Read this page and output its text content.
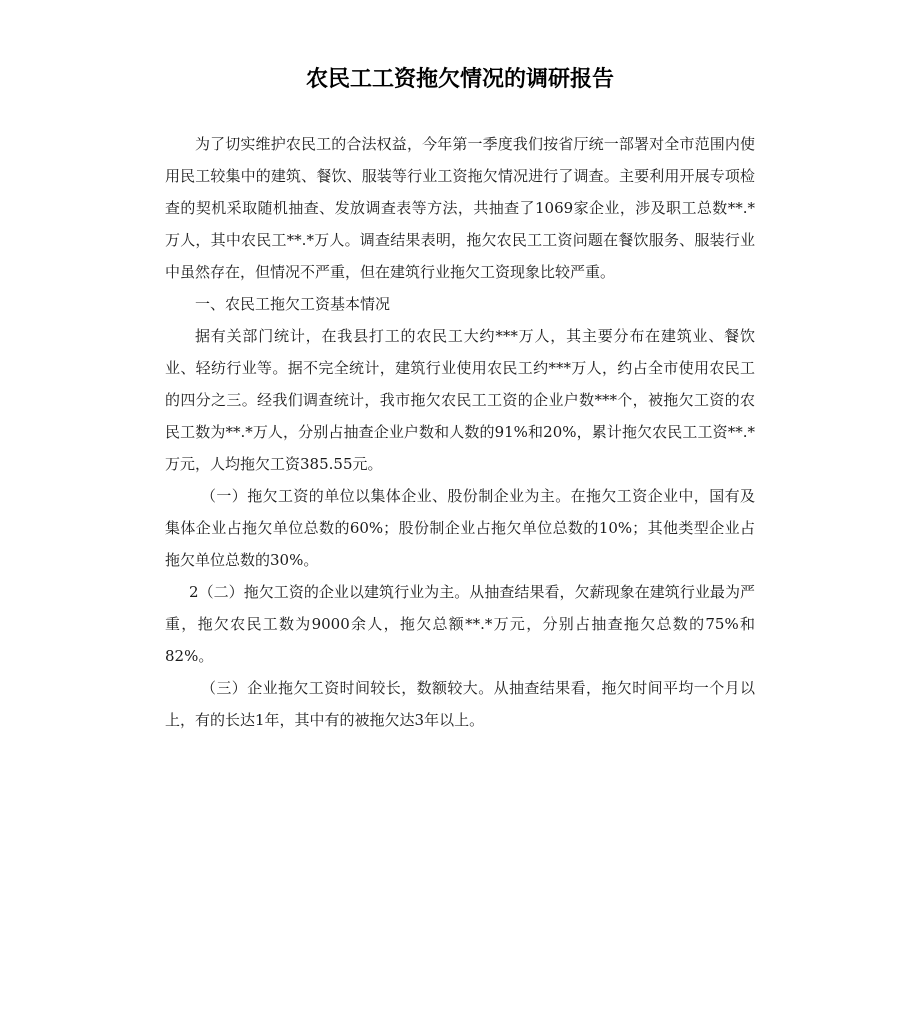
农民工工资拖欠情况的调研报告

为了切实维护农民工的合法权益，今年第一季度我们按省厅统一部署对全市范围内使用民工较集中的建筑、餐饮、服装等行业工资拖欠情况进行了调查。主要利用开展专项检查的契机采取随机抽查、发放调查表等方法，共抽查了1069家企业，涉及职工总数**.*万人，其中农民工**.*万人。调查结果表明，拖欠农民工工资问题在餐饮服务、服装行业中虽然存在，但情况不严重，但在建筑行业拖欠工资现象比较严重。

一、农民工拖欠工资基本情况

据有关部门统计，在我县打工的农民工大约***万人，其主要分布在建筑业、餐饮业、轻纺行业等。据不完全统计，建筑行业使用农民工约***万人，约占全市使用农民工的四分之三。经我们调查统计，我市拖欠农民工工资的企业户数***个，被拖欠工资的农民工数为**.*万人，分别占抽查企业户数和人数的91%和20%，累计拖欠农民工工资**.*万元，人均拖欠工资385.55元。

（一）拖欠工资的单位以集体企业、股份制企业为主。在拖欠工资企业中，国有及集体企业占拖欠单位总数的60%；股份制企业占拖欠单位总数的10%；其他类型企业占拖欠单位总数的30%。

2（二）拖欠工资的企业以建筑行业为主。从抽查结果看，欠薪现象在建筑行业最为严重，拖欠农民工数为9000余人，拖欠总额**.*万元，分别占抽查拖欠总数的75%和82%。

（三）企业拖欠工资时间较长，数额较大。从抽查结果看，拖欠时间平均一个月以上，有的长达1年，其中有的被拖欠达3年以上。
